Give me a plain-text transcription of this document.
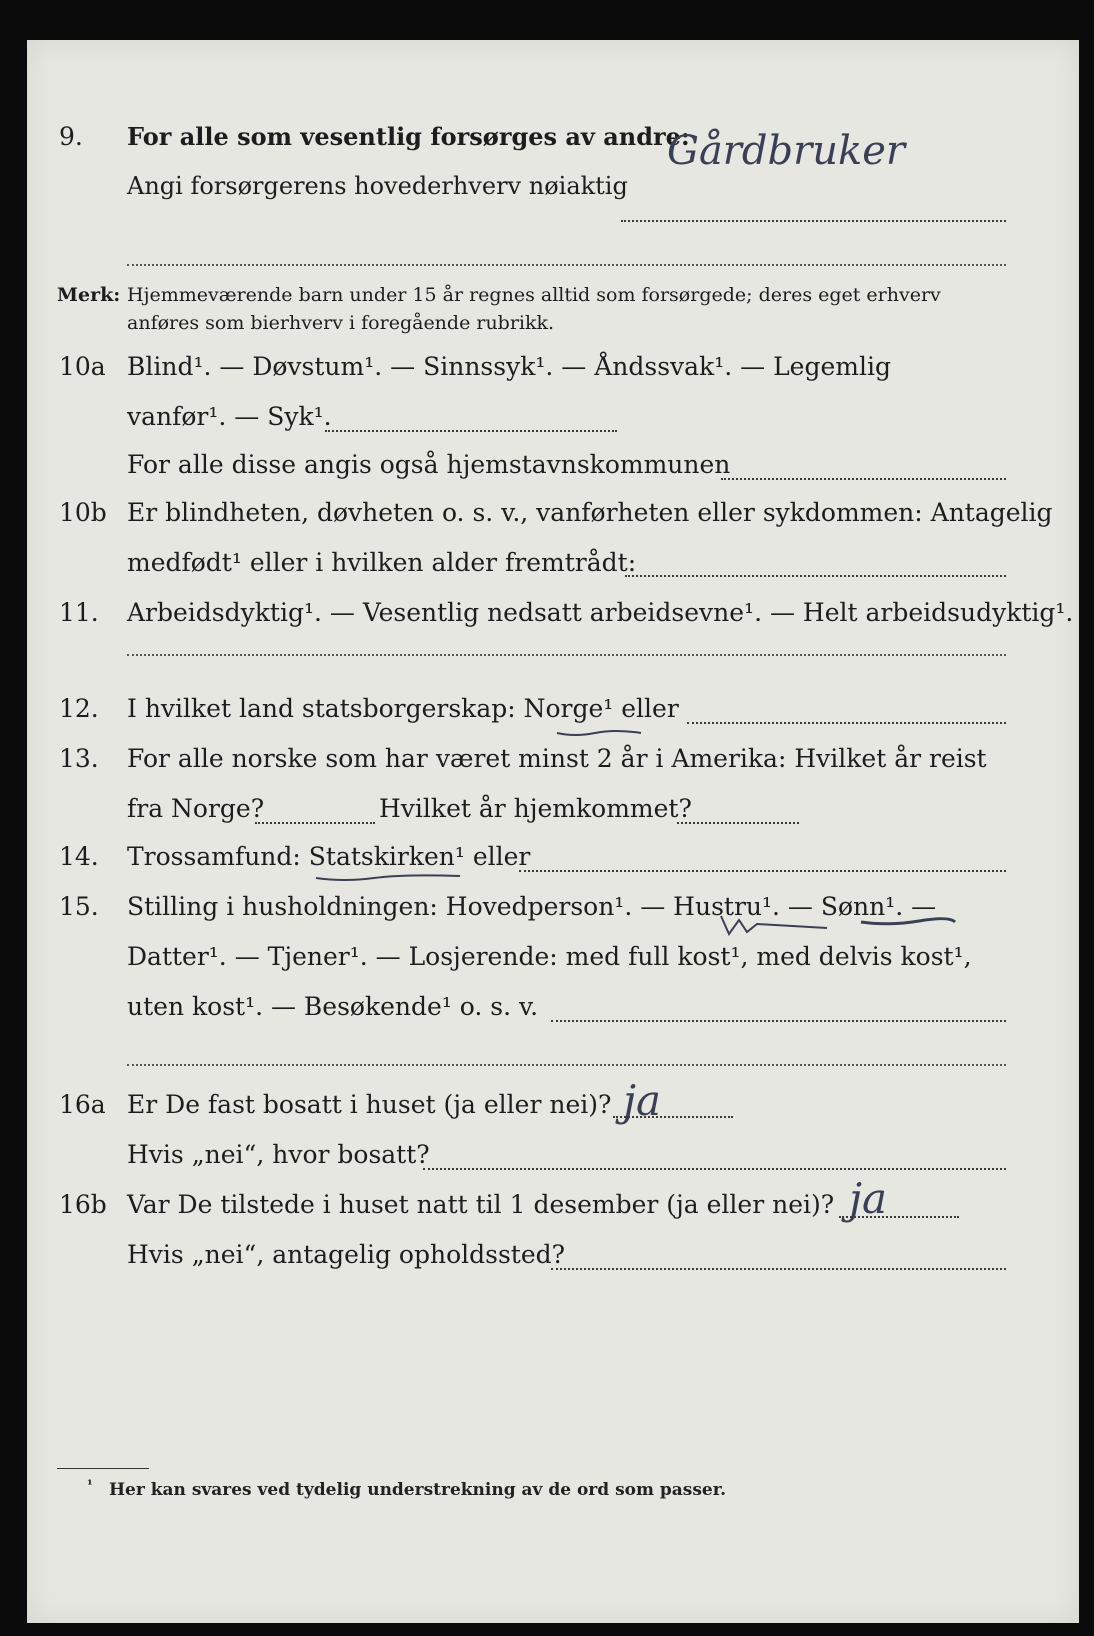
9. For alle som vesentlig forsørges av andre:
Gårdbruker
Angi forsørgerens hovederhverv nøiaktig
Merk: Hjemmeværende barn under 15 år regnes alltid som forsørgede; deres eget erhverv
anføres som bierhverv i foregående rubrikk.
10a Blind¹. — Døvstum¹. — Sinnssyk¹. — Åndssvak¹. — Legemlig
vanfør¹. — Syk¹.
For alle disse angis også hjemstavnskommunen
10b Er blindheten, døvheten o. s. v., vanførheten eller sykdommen: Antagelig
medfødt¹ eller i hvilken alder fremtrådt:
11. Arbeidsdyktig¹. — Vesentlig nedsatt arbeidsevne¹. — Helt arbeidsudyktig¹.
12. I hvilket land statsborgerskap: Norge¹ eller
13. For alle norske som har været minst 2 år i Amerika: Hvilket år reist
fra Norge?	Hvilket år hjemkommet?
14. Trossamfund: Statskirken¹ eller
15. Stilling i husholdningen: Hovedperson¹. — Hustru¹. — Sønn¹. —
Datter¹. — Tjener¹. — Losjerende: med full kost¹, med delvis kost¹,
uten kost¹. — Besøkende¹ o. s. v.
16a Er De fast bosatt i huset (ja eller nei)? ja
Hvis „nei“, hvor bosatt?
16b Var De tilstede i huset natt til 1 desember (ja eller nei)? ja
Hvis „nei“, antagelig opholdssted?
¹ Her kan svares ved tydelig understrekning av de ord som passer.
